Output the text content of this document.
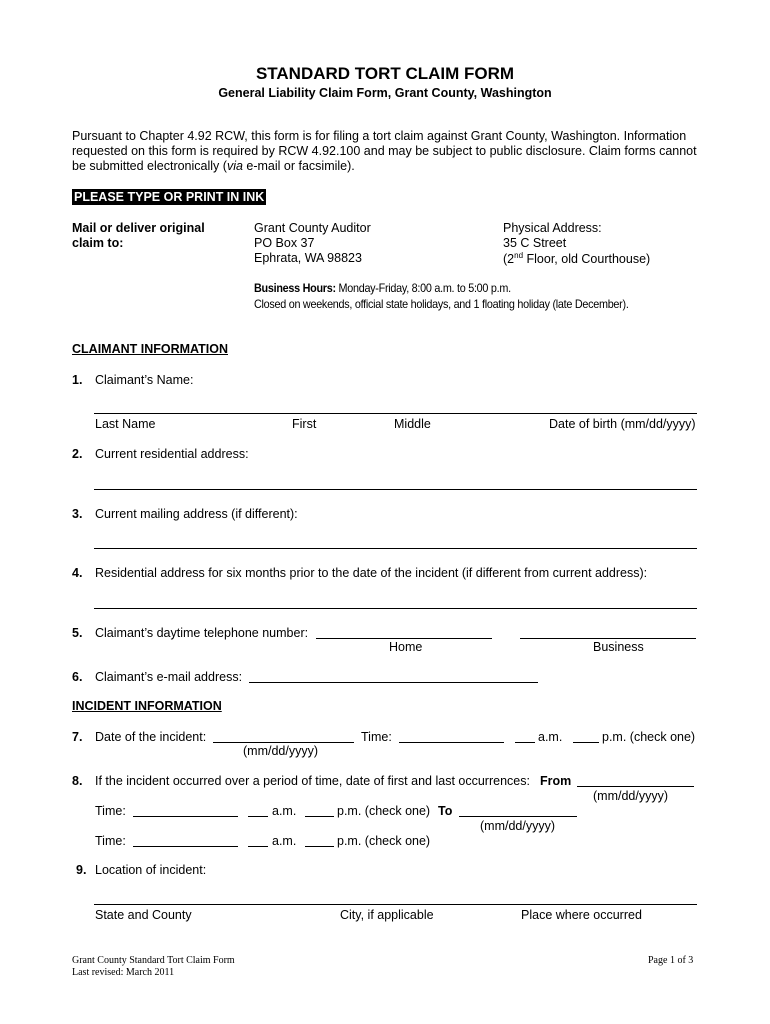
STANDARD TORT CLAIM FORM
General Liability Claim Form, Grant County, Washington
Pursuant to Chapter 4.92 RCW, this form is for filing a tort claim against Grant County, Washington. Information requested on this form is required by RCW 4.92.100 and may be subject to public disclosure. Claim forms cannot be submitted electronically (via e-mail or facsimile).
PLEASE TYPE OR PRINT IN INK
Mail or deliver original
claim to:
Grant County Auditor
PO Box 37
Ephrata, WA 98823
Physical Address:
35 C Street
(2nd Floor, old Courthouse)
Business Hours: Monday-Friday, 8:00 a.m. to 5:00 p.m.
Closed on weekends, official state holidays, and 1 floating holiday (late December).
CLAIMANT INFORMATION
1. Claimant’s Name:
Last Name	First	Middle	Date of birth (mm/dd/yyyy)
2. Current residential address:
3. Current mailing address (if different):
4. Residential address for six months prior to the date of the incident (if different from current address):
5. Claimant’s daytime telephone number:
Home	Business
6. Claimant’s e-mail address:
INCIDENT INFORMATION
7. Date of the incident:	Time:	a.m.	p.m. (check one)
(mm/dd/yyyy)
8. If the incident occurred over a period of time, date of first and last occurrences: From
(mm/dd/yyyy)
Time:	a.m.	p.m. (check one) To
(mm/dd/yyyy)
Time:	a.m.	p.m. (check one)
9. Location of incident:
State and County	City, if applicable	Place where occurred
Grant County Standard Tort Claim Form
Last revised: March 2011
Page 1 of 3
